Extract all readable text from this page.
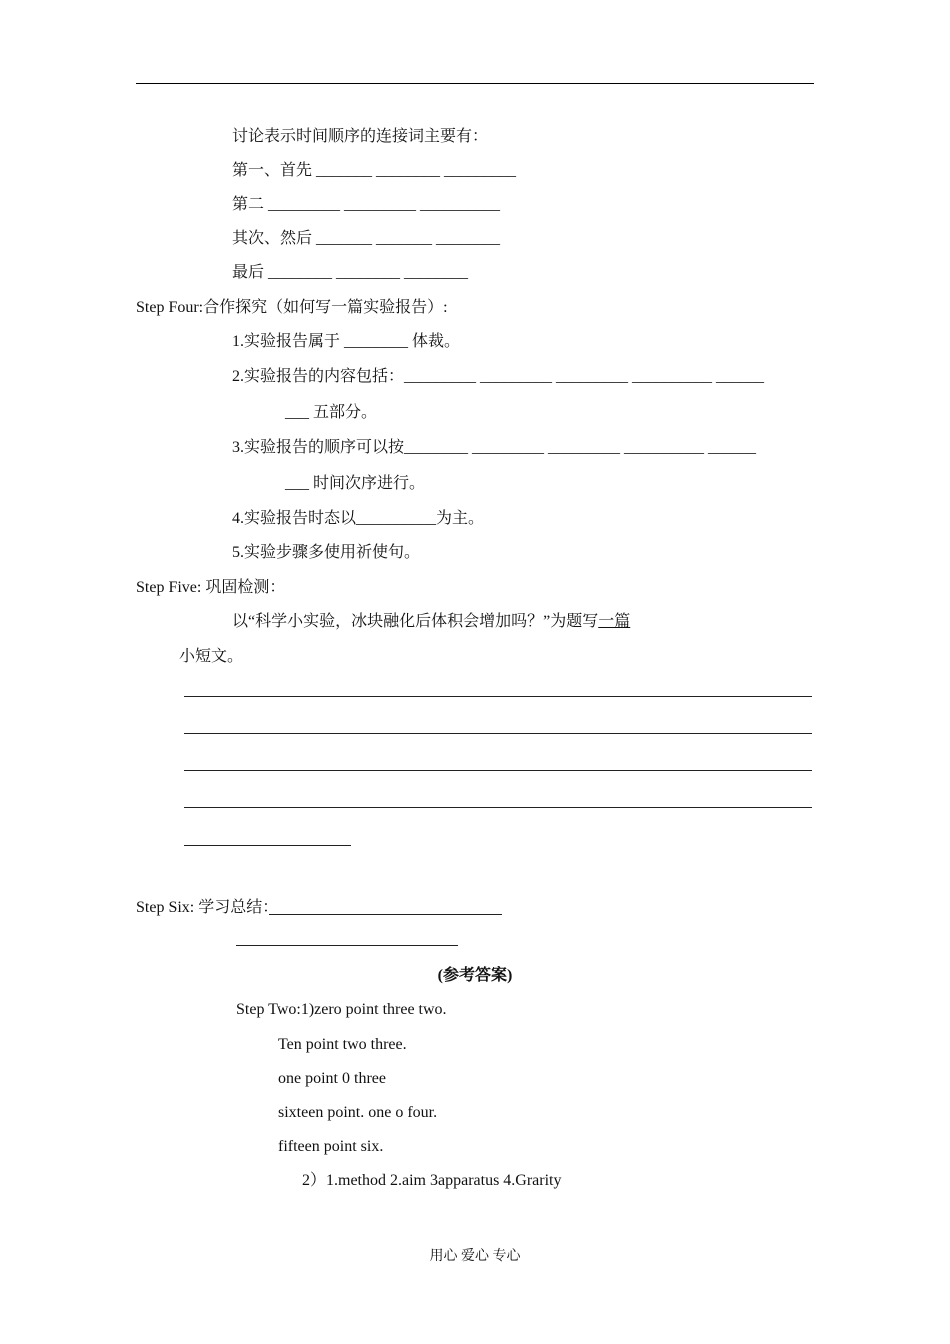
讨论表示时间顺序的连接词主要有：
第一、首先 _______ ________ _________
第二 _________ _________ __________
其次、然后 _______ _______ ________
最后 ________ ________ ________
Step Four:合作探究（如何写一篇实验报告）:
1.实验报告属于 ________ 体裁。
2.实验报告的内容包括：_________ _________ _________ __________ ______
___ 五部分。
3.实验报告的顺序可以按________ _________ _________ __________ ______
___ 时间次序进行。
4.实验报告时态以__________为主。
5.实验步骤多使用祈使句。
Step Five: 巩固检测：
以“科学小实验，冰块融化后体积会增加吗？”为题写一篇
小短文。
Step Six: 学习总结：
(参考答案)
Step Two:1)zero point three two.
Ten point two three.
one point 0 three
sixteen point. one o four.
fifteen point six.
2）1.method 2.aim 3apparatus 4.Grarity
用心 爱心 专心
